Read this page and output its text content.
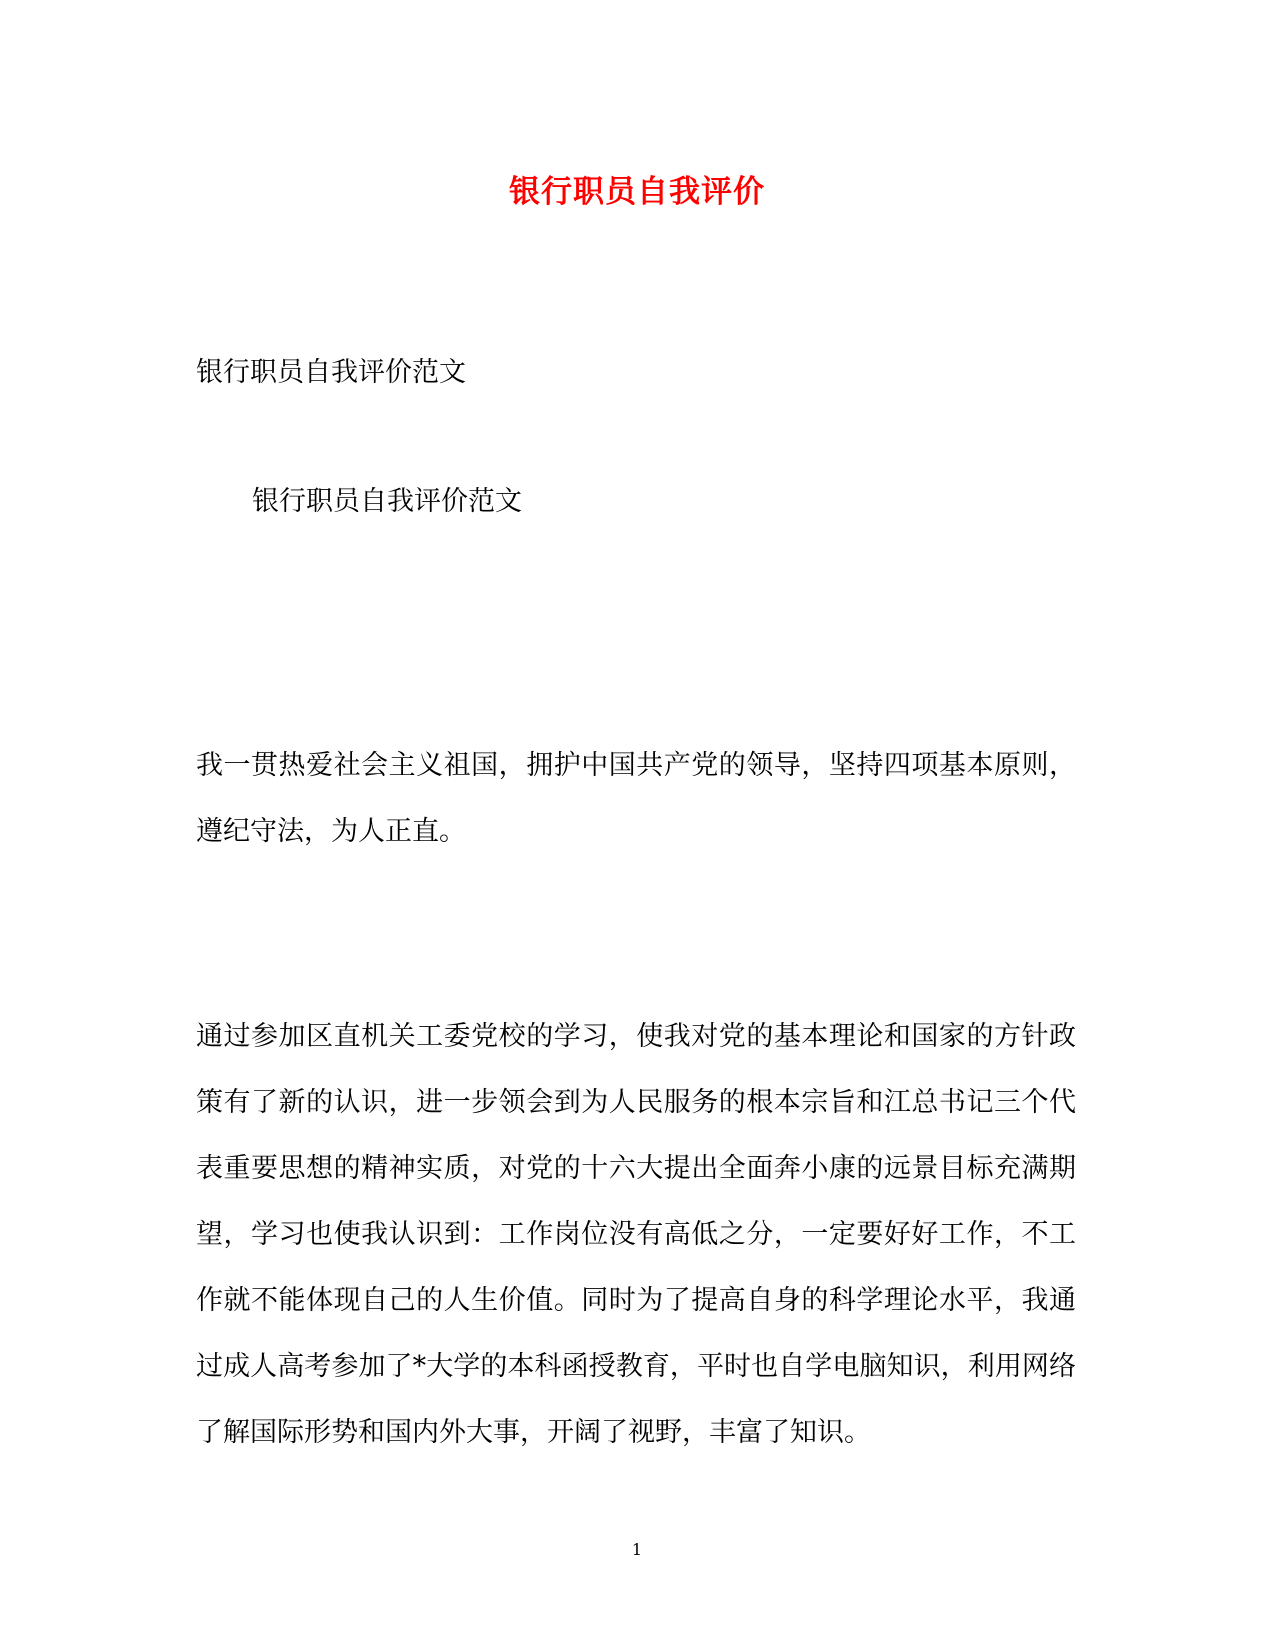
银行职员自我评价
银行职员自我评价范文
银行职员自我评价范文

我一贯热爱社会主义祖国，拥护中国共产党的领导，坚持四项基本原则，遵纪守法，为人正直。

通过参加区直机关工委党校的学习，使我对党的基本理论和国家的方针政策有了新的认识，进一步领会到为人民服务的根本宗旨和江总书记三个代表重要思想的精神实质，对党的十六大提出全面奔小康的远景目标充满期望，学习也使我认识到：工作岗位没有高低之分，一定要好好工作，不工作就不能体现自己的人生价值。同时为了提高自身的科学理论水平，我通过成人高考参加了*大学的本科函授教育，平时也自学电脑知识，利用网络了解国际形势和国内外大事，开阔了视野，丰富了知识。

1
